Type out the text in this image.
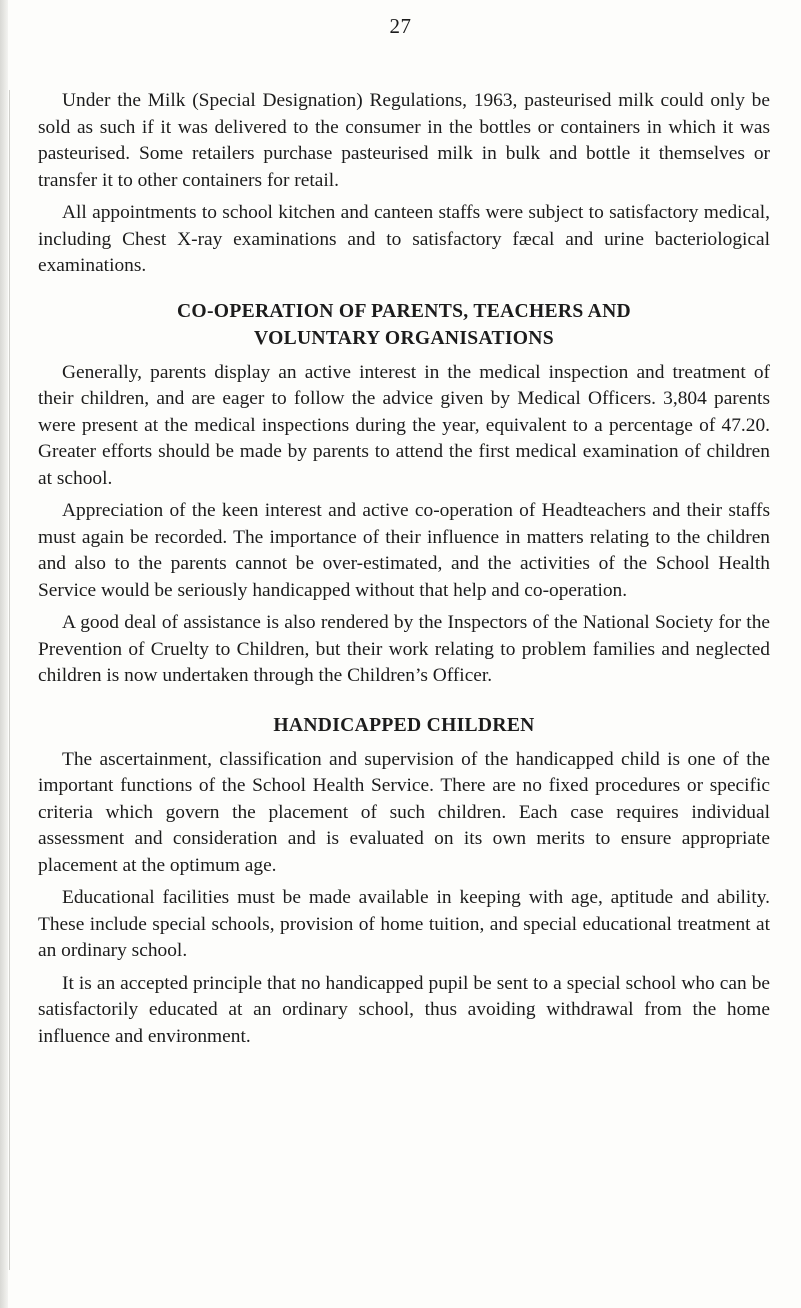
27

Under the Milk (Special Designation) Regulations, 1963, pasteurised milk could only be sold as such if it was delivered to the consumer in the bottles or containers in which it was pasteurised. Some retailers purchase pasteurised milk in bulk and bottle it themselves or transfer it to other containers for retail.

All appointments to school kitchen and canteen staffs were subject to satisfactory medical, including Chest X-ray examinations and to satisfactory fæcal and urine bacteriological examinations.

CO-OPERATION OF PARENTS, TEACHERS AND
VOLUNTARY ORGANISATIONS

Generally, parents display an active interest in the medical inspection and treatment of their children, and are eager to follow the advice given by Medical Officers. 3,804 parents were present at the medical inspections during the year, equivalent to a percentage of 47.20. Greater efforts should be made by parents to attend the first medical examination of children at school.

Appreciation of the keen interest and active co-operation of Headteachers and their staffs must again be recorded. The importance of their influence in matters relating to the children and also to the parents cannot be over-estimated, and the activities of the School Health Service would be seriously handicapped without that help and co-operation.

A good deal of assistance is also rendered by the Inspectors of the National Society for the Prevention of Cruelty to Children, but their work relating to problem families and neglected children is now undertaken through the Children’s Officer.

HANDICAPPED CHILDREN

The ascertainment, classification and supervision of the handicapped child is one of the important functions of the School Health Service. There are no fixed procedures or specific criteria which govern the placement of such children. Each case requires individual assessment and consideration and is evaluated on its own merits to ensure appropriate placement at the optimum age.

Educational facilities must be made available in keeping with age, aptitude and ability. These include special schools, provision of home tuition, and special educational treatment at an ordinary school.

It is an accepted principle that no handicapped pupil be sent to a special school who can be satisfactorily educated at an ordinary school, thus avoiding withdrawal from the home influence and environment.
